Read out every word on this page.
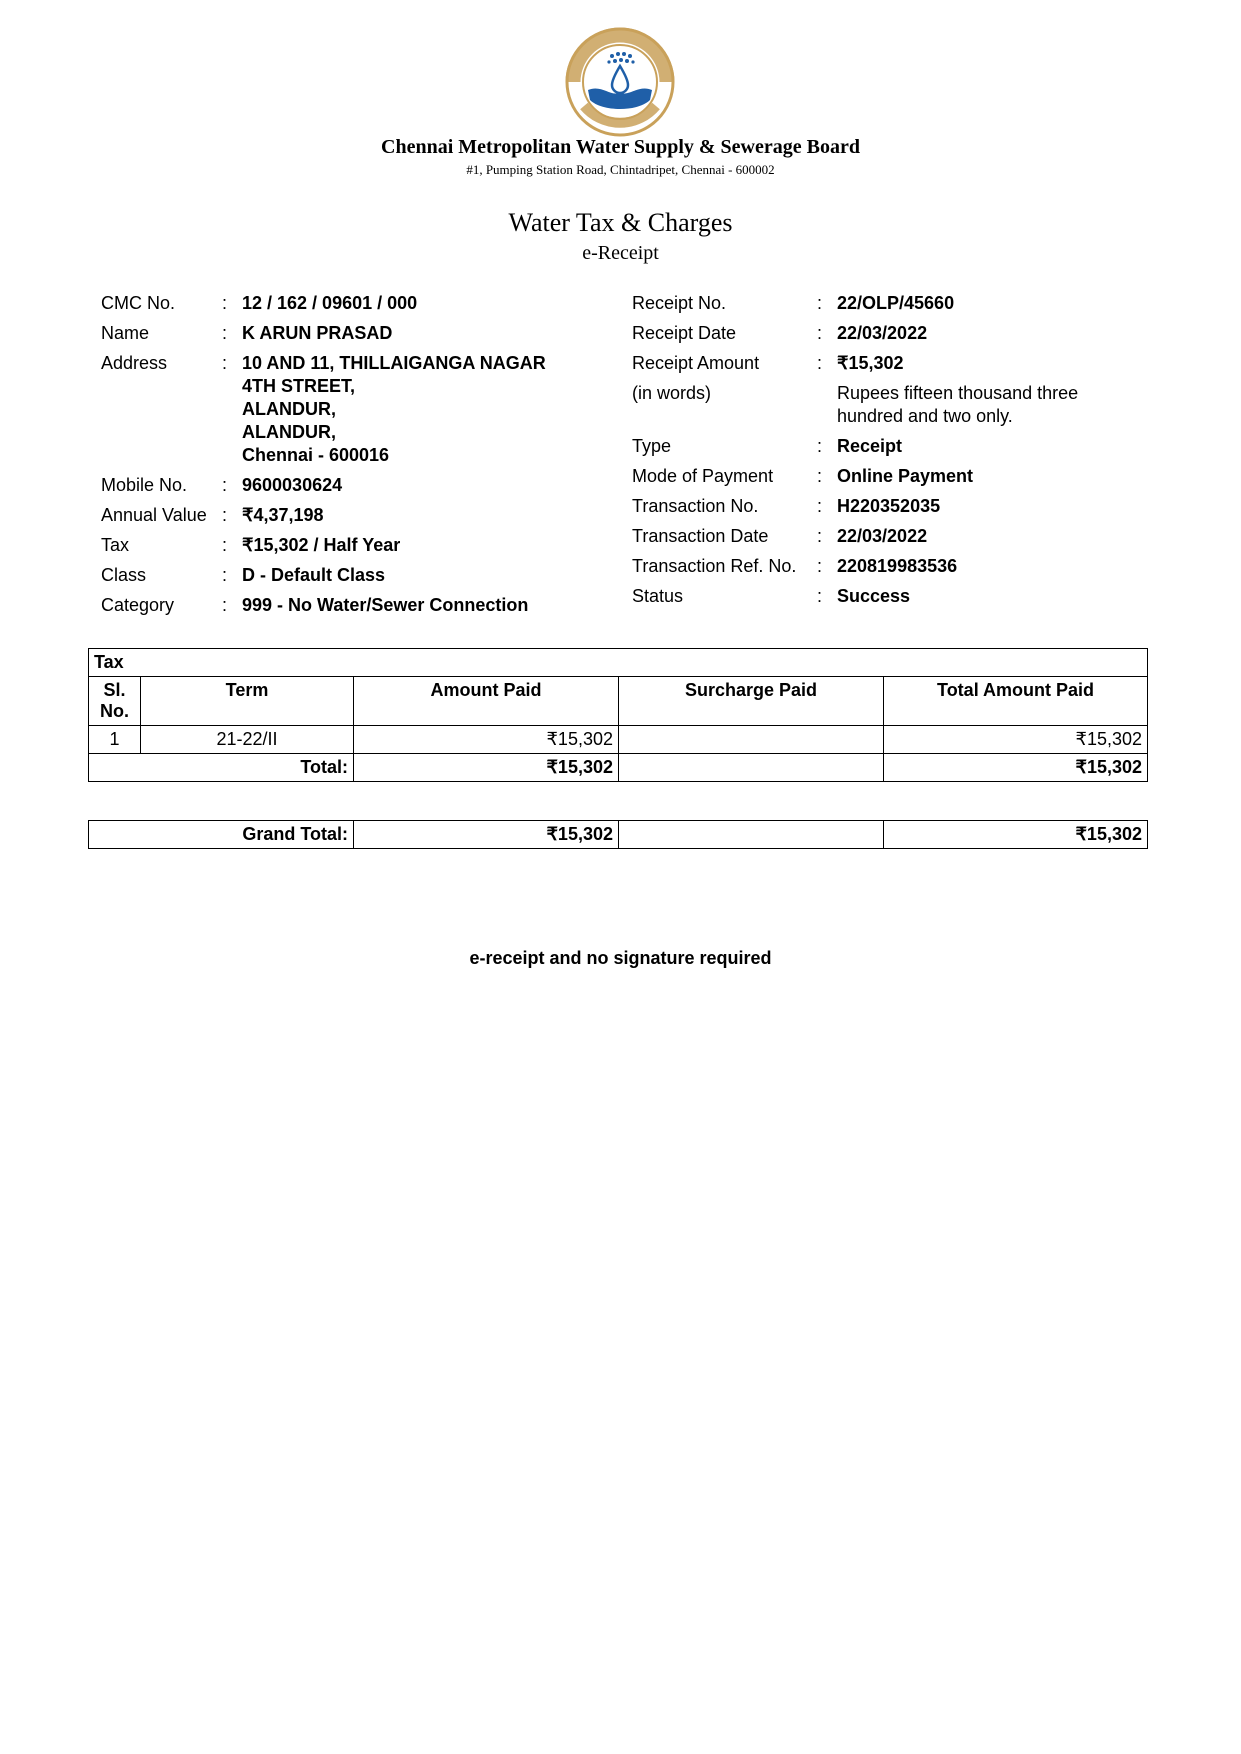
Chennai Metropolitan Water Supply & Sewerage Board
#1, Pumping Station Road, Chintadripet, Chennai - 600002
Water Tax & Charges
e-Receipt
CMC No.	: 12 / 162 / 09601 / 000
Name	: K ARUN PRASAD
Address	: 10 AND 11, THILLAIGANGA NAGAR
4TH STREET,
ALANDUR,
ALANDUR,
Chennai - 600016
Mobile No.	: 9600030624
Annual Value : ₹4,37,198
Tax	: ₹15,302 / Half Year
Class	: D - Default Class
Category	: 999 - No Water/Sewer Connection
Receipt No.	: 22/OLP/45660
Receipt Date	: 22/03/2022
Receipt Amount	: ₹15,302
(in words)	Rupees fifteen thousand three hundred and two only.
Type	: Receipt
Mode of Payment	: Online Payment
Transaction No.	: H220352035
Transaction Date	: 22/03/2022
Transaction Ref. No.	: 220819983536
Status	: Success
Tax				
Sl. No.	Term	Amount Paid	Surcharge Paid	Total Amount Paid
1	21-22/II	₹15,302		₹15,302
Total:		₹15,302		₹15,302
Grand Total:	₹15,302		₹15,302
e-receipt and no signature required
